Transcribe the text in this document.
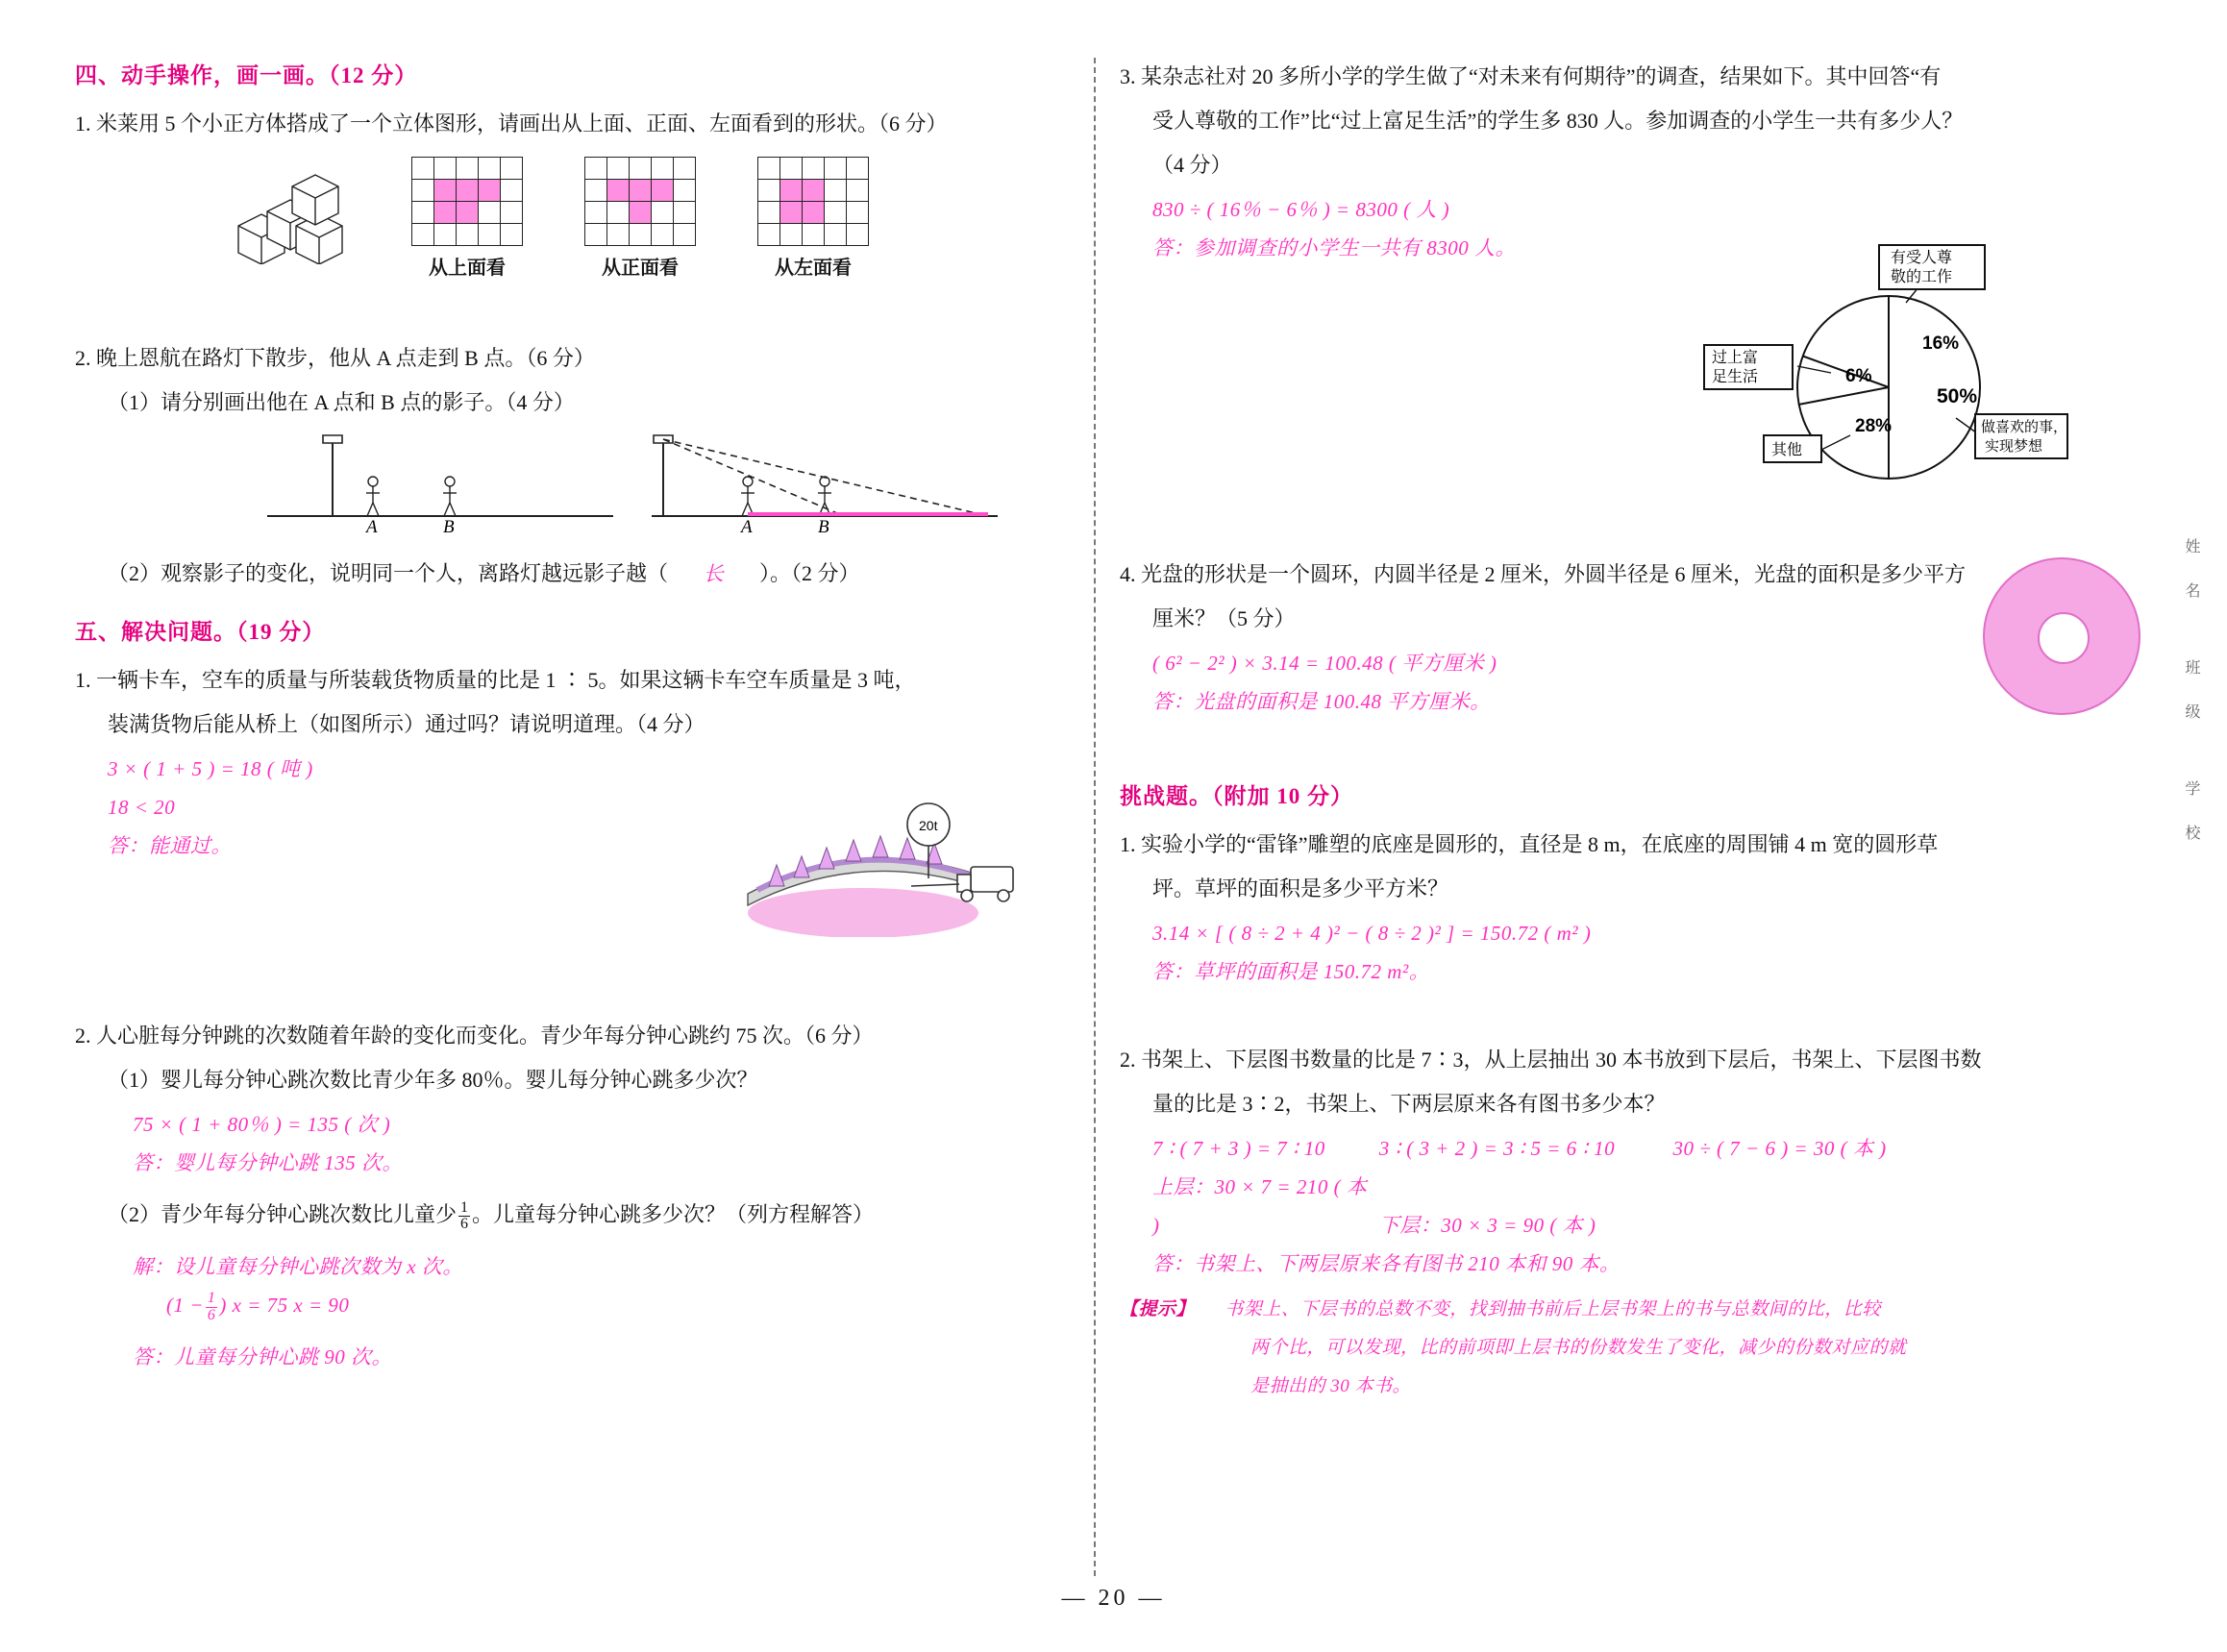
四、动手操作，画一画。（12 分）
1. 米莱用 5 个小正方体搭成了一个立体图形，请画出从上面、正面、左面看到的形状。（6 分）

从上面看

					从正面看

					从左面看
2. 晚上恩航在路灯下散步，他从 A 点走到 B 点。（6 分）
（1）请分别画出他在 A 点和 B 点的影子。（4 分）
A	B	A	B
（2）观察影子的变化，说明同一个人，离路灯越远影子越（ 长 ）。（2 分）
五、解决问题。（19 分）
1. 一辆卡车，空车的质量与所装载货物质量的比是 1 ∶ 5。如果这辆卡车空车质量是 3 吨，
装满货物后能从桥上（如图所示）通过吗？请说明道理。（4 分）
3 × ( 1 + 5 ) = 18 ( 吨 )
18 < 20
答：能通过。
20t
2. 人心脏每分钟跳的次数随着年龄的变化而变化。青少年每分钟心跳约 75 次。（6 分）
（1）婴儿每分钟心跳次数比青少年多 80％。婴儿每分钟心跳多少次？
75 × ( 1 + 80％ ) = 135 ( 次 )
答：婴儿每分钟心跳 135 次。
（2）青少年每分钟心跳次数比儿童少 $\frac{1}{6}$ 。儿童每分钟心跳多少次？（列方程解答）
解：设儿童每分钟心跳次数为 x 次。
($1 - \frac{1}{6}$ ) x = 75 x = 90
答：儿童每分钟心跳 90 次。
3. 某杂志社对 20 多所小学的学生做了“对未来有何期待”的调查，结果如下。其中回答“有
受人尊敬的工作”比“过上富足生活”的学生多 830 人。参加调查的小学生一共有多少人？
（4 分）
830 ÷ ( 16％ − 6％ ) = 8300 ( 人 )
答：参加调查的小学生一共有 8300 人。
16%
6%
28%
50%
有受人尊
敬的工作
过上富
足生活
其他
做喜欢的事，
实现梦想
4. 光盘的形状是一个圆环，内圆半径是 2 厘米，外圆半径是 6 厘米，光盘的面积是多少平方
厘米？（5 分）
( 6² − 2² ) × 3.14 = 100.48 ( 平方厘米 )
答：光盘的面积是 100.48 平方厘米。
挑战题。（附加 10 分）
1. 实验小学的“雷锋”雕塑的底座是圆形的，直径是 8 m，在底座的周围铺 4 m 宽的圆形草
坪。草坪的面积是多少平方米？
3.14 × [ ( 8 ÷ 2 + 4 )² − ( 8 ÷ 2 )² ] = 150.72 ( m² )
答：草坪的面积是 150.72 m²。
2. 书架上、下层图书数量的比是 7∶3，从上层抽出 30 本书放到下层后，书架上、下层图书数
量的比是 3∶2，书架上、下两层原来各有图书多少本？
7 ∶ ( 7 + 3 ) = 7 ∶ 10	3 ∶ ( 3 + 2 ) = 3 ∶ 5 = 6 ∶ 10	30 ÷ ( 7 − 6 ) = 30 ( 本 )
上层：30 × 7 = 210 ( 本 )	下层：30 × 3 = 90 ( 本 )
答：书架上、下两层原来各有图书 210 本和 90 本。
【提示】 书架上、下层书的总数不变，找到抽书前后上层书架上的书与总数间的比，比较
两个比，可以发现，比的前项即上层书的份数发生了变化，减少的份数对应的就
是抽出的 30 本书。
姓名 班级 学校
— 20 —
